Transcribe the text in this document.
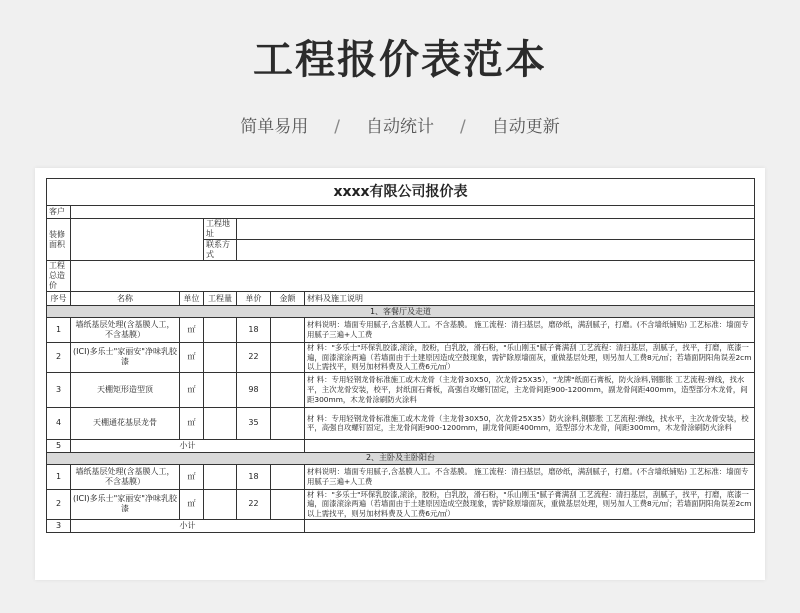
工程报价表范本
简单易用 / 自动统计 / 自动更新
xxxx有限公司报价表						
客户						
装修面积			工程地址			
			联系方式			
工程总造价						
序号	名称	单位	工程量	单价	金额	材料及施工说明
1、客餐厅及走道						
1	墙纸基层处理(含基膜人工，不含基膜）	㎡		18		材料说明：墙面专用腻子,含基膜人工。不含基膜。 施工流程：清扫基层，磨砂纸，满刮腻子，打磨。(不含墙纸铺贴) 工艺标准：墙面专用腻子三遍+人工费
2	(ICI)多乐士"家丽安"净味乳胶漆	㎡		22		材 料："多乐士"环保乳胶漆,滚涂，胶粉，白乳胶，滑石粉，"乐山刚玉"腻子膏满刮 工艺流程：清扫基层，刮腻子，找平，打磨，底漆一遍，面漆滚涂两遍（若墙面由于土建原因造成空鼓现象，需铲除原墙面灰，重做基层处理，则另加人工费8元/㎡；若墙面阴阳角误差2cm以上需找平，则另加材料费及人工费6元/㎡）
3	天棚矩形造型顶	㎡		98		材 料：专用轻钢龙骨标准施工或木龙骨（主龙骨30X50，次龙骨25X35），"龙牌"纸面石膏板，防火涂料,钢膨胀 工艺流程:弹线，找水平，主次龙骨安装，校平，封纸面石膏板，高强自攻螺钉固定，主龙骨间距900-1200mm，副龙骨间距400mm，造型部分木龙骨，间距300mm，木龙骨涂刷防火涂料
4	天棚通花基层龙骨	㎡		35		材 料：专用轻钢龙骨标准施工或木龙骨（主龙骨30X50，次龙骨25X35）防火涂料,钢膨胀 工艺流程:弹线，找水平，主次龙骨安装，校平，高强自攻螺钉固定，主龙骨间距900-1200mm，副龙骨间距400mm，造型部分木龙骨，间距300mm，木龙骨涂刷防火涂料
5	小计					
2、主卧及主卧阳台						
1	墙纸基层处理(含基膜人工，不含基膜）	㎡		18		材料说明：墙面专用腻子,含基膜人工。不含基膜。 施工流程：清扫基层，磨砂纸，满刮腻子，打磨。(不含墙纸铺贴) 工艺标准：墙面专用腻子三遍+人工费
2	(ICI)多乐士"家丽安"净味乳胶漆	㎡		22		材 料："多乐士"环保乳胶漆,滚涂，胶粉，白乳胶，滑石粉，"乐山刚玉"腻子膏满刮 工艺流程：清扫基层，刮腻子，找平，打磨，底漆一遍，面漆滚涂两遍（若墙面由于土建原因造成空鼓现象，需铲除原墙面灰，重做基层处理，则另加人工费8元/㎡；若墙面阴阳角误差2cm以上需找平，则另加材料费及人工费6元/㎡）
3	小计					
